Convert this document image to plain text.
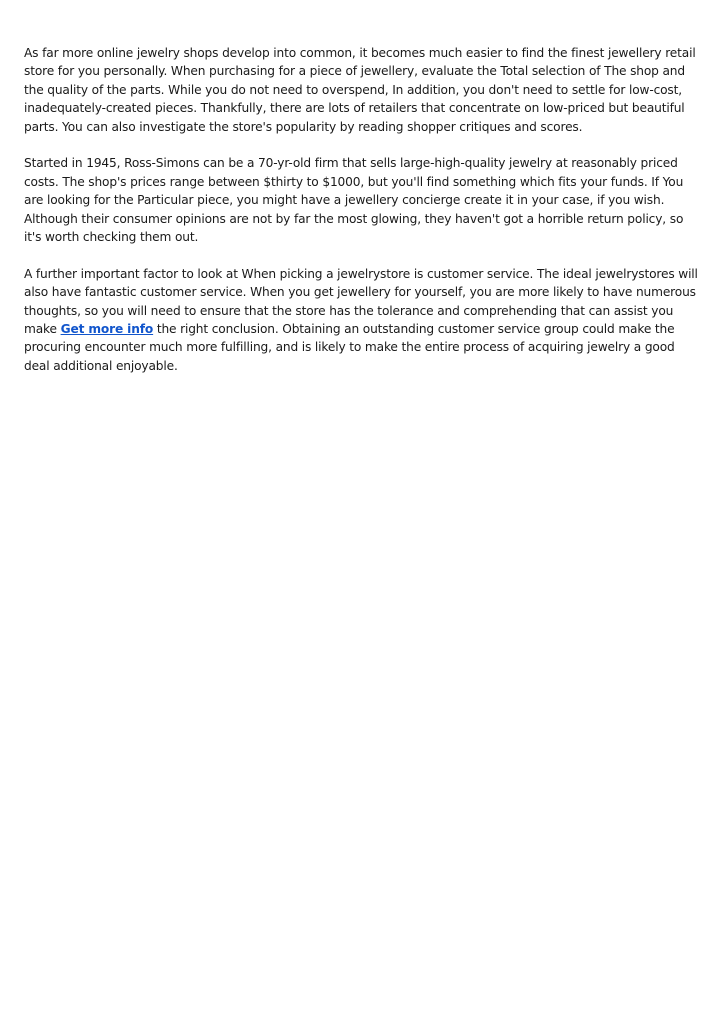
As far more online jewelry shops develop into common, it becomes much easier to find the finest jewellery retail store for you personally. When purchasing for a piece of jewellery, evaluate the Total selection of The shop and the quality of the parts. While you do not need to overspend, In addition, you don't need to settle for low-cost, inadequately-created pieces. Thankfully, there are lots of retailers that concentrate on low-priced but beautiful parts. You can also investigate the store's popularity by reading shopper critiques and scores.

Started in 1945, Ross-Simons can be a 70-yr-old firm that sells large-high-quality jewelry at reasonably priced costs. The shop's prices range between $thirty to $1000, but you'll find something which fits your funds. If You are looking for the Particular piece, you might have a jewellery concierge create it in your case, if you wish. Although their consumer opinions are not by far the most glowing, they haven't got a horrible return policy, so it's worth checking them out.

A further important factor to look at When picking a jewelrystore is customer service. The ideal jewelrystores will also have fantastic customer service. When you get jewellery for yourself, you are more likely to have numerous thoughts, so you will need to ensure that the store has the tolerance and comprehending that can assist you make Get more info the right conclusion. Obtaining an outstanding customer service group could make the procuring encounter much more fulfilling, and is likely to make the entire process of acquiring jewelry a good deal additional enjoyable.
